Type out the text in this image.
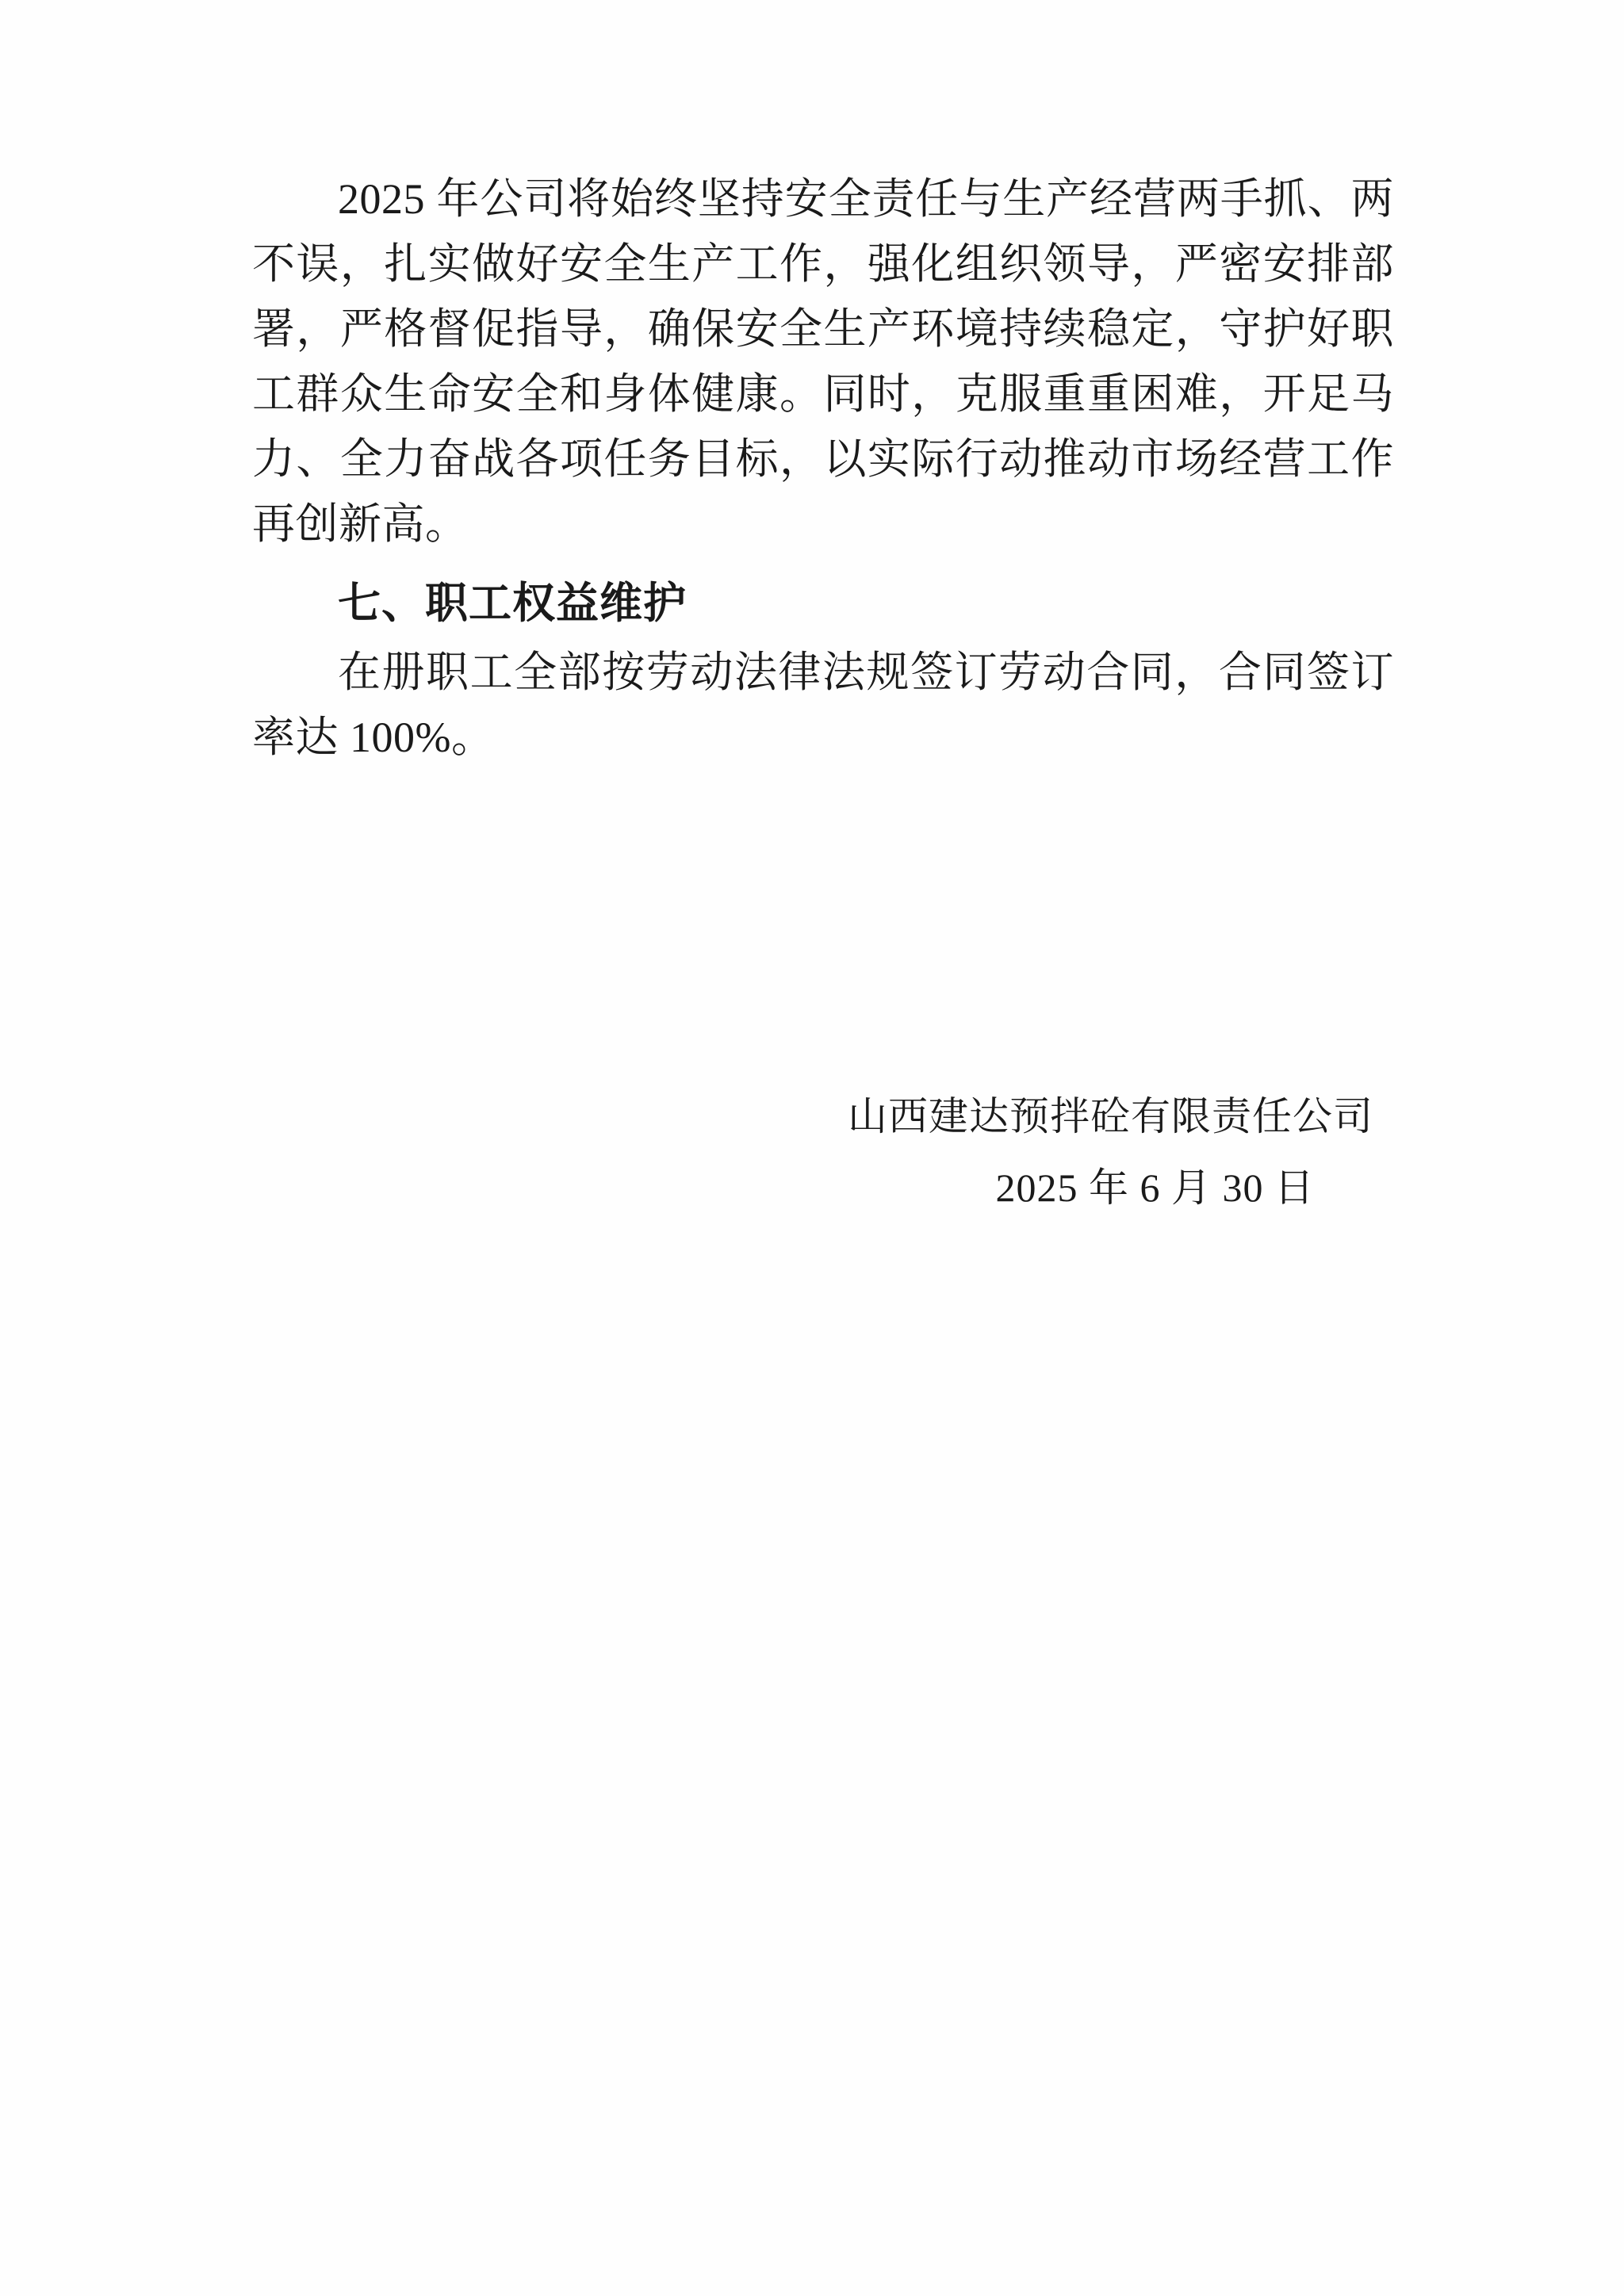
2025 年公司将始终坚持安全责任与生产经营两手抓、两不误，扎实做好安全生产工作，强化组织领导，严密安排部署，严格督促指导，确保安全生产环境持续稳定，守护好职工群众生命安全和身体健康。同时，克服重重困难，开足马力、全力奋战各项任务目标，以实际行动推动市场经营工作再创新高。

七、职工权益维护

在册职工全部按劳动法律法规签订劳动合同，合同签订率达 100%。

山西建达预拌砼有限责任公司

2025 年 6 月 30 日
